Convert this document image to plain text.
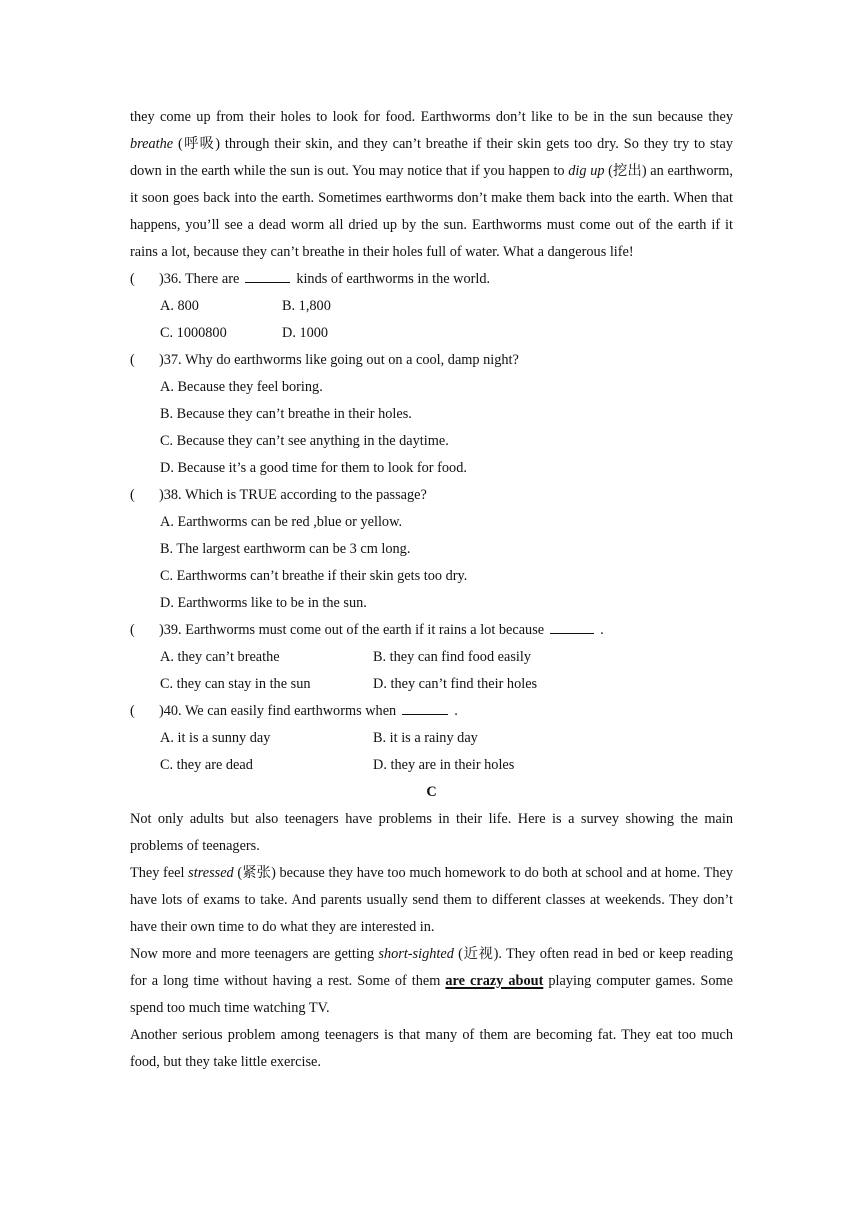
they come up from their holes to look for food. Earthworms don’t like to be in the sun because they breathe (呼吸) through their skin, and they can’t breathe if their skin gets too dry. So they try to stay down in the earth while the sun is out. You may notice that if you happen to dig up (挖出) an earthworm, it soon goes back into the earth. Sometimes earthworms don’t make them back into the earth. When that happens, you’ll see a dead worm all dried up by the sun. Earthworms must come out of the earth if it rains a lot, because they can’t breathe in their holes full of water. What a dangerous life!

(	)36. There are	kinds of earthworms in the world.
A. 800	B. 1,800
C. 1000800	D. 1000
(	)37. Why do earthworms like going out on a cool, damp night?
A. Because they feel boring.
B. Because they can’t breathe in their holes.
C. Because they can’t see anything in the daytime.
D. Because it’s a good time for them to look for food.
(	)38. Which is TRUE according to the passage?
A. Earthworms can be red ,blue or yellow.
B. The largest earthworm can be 3 cm long.
C. Earthworms can’t breathe if their skin gets too dry.
D. Earthworms like to be in the sun.
(	)39. Earthworms must come out of the earth if it rains a lot because	.
A. they can’t breathe	B. they can find food easily
C. they can stay in the sun	D. they can’t find their holes
(	)40. We can easily find earthworms when	.
A. it is a sunny day	B. it is a rainy day
C. they are dead	D. they are in their holes
C

Not only adults but also teenagers have problems in their life. Here is a survey showing the main problems of teenagers.

They feel stressed (紧张) because they have too much homework to do both at school and at home. They have lots of exams to take. And parents usually send them to different classes at weekends. They don’t have their own time to do what they are interested in.

Now more and more teenagers are getting short-sighted (近视). They often read in bed or keep reading for a long time without having a rest. Some of them are crazy about playing computer games. Some spend too much time watching TV.

Another serious problem among teenagers is that many of them are becoming fat. They eat too much food, but they take little exercise.
